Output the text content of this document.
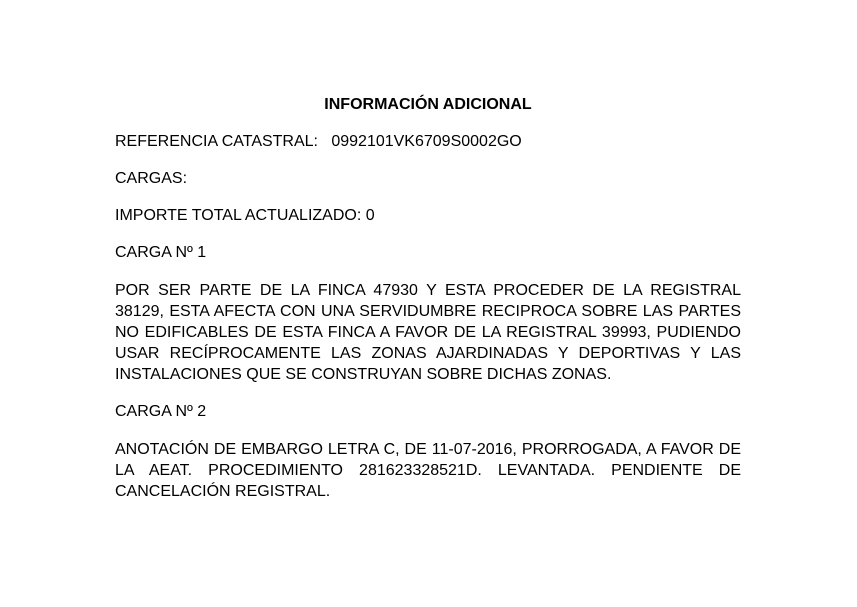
INFORMACIÓN ADICIONAL
REFERENCIA CATASTRAL: 0992101VK6709S0002GO
CARGAS:
IMPORTE TOTAL ACTUALIZADO: 0
CARGA Nº 1
POR SER PARTE DE LA FINCA 47930 Y ESTA PROCEDER DE LA REGISTRAL 38129, ESTA AFECTA CON UNA SERVIDUMBRE RECIPROCA SOBRE LAS PARTES NO EDIFICABLES DE ESTA FINCA A FAVOR DE LA REGISTRAL 39993, PUDIENDO USAR RECÍPROCAMENTE LAS ZONAS AJARDINADAS Y DEPORTIVAS Y LAS INSTALACIONES QUE SE CONSTRUYAN SOBRE DICHAS ZONAS.
CARGA Nº 2
ANOTACIÓN DE EMBARGO LETRA C, DE 11-07-2016, PRORROGADA, A FAVOR DE LA AEAT. PROCEDIMIENTO 281623328521D. LEVANTADA. PENDIENTE DE CANCELACIÓN REGISTRAL.
